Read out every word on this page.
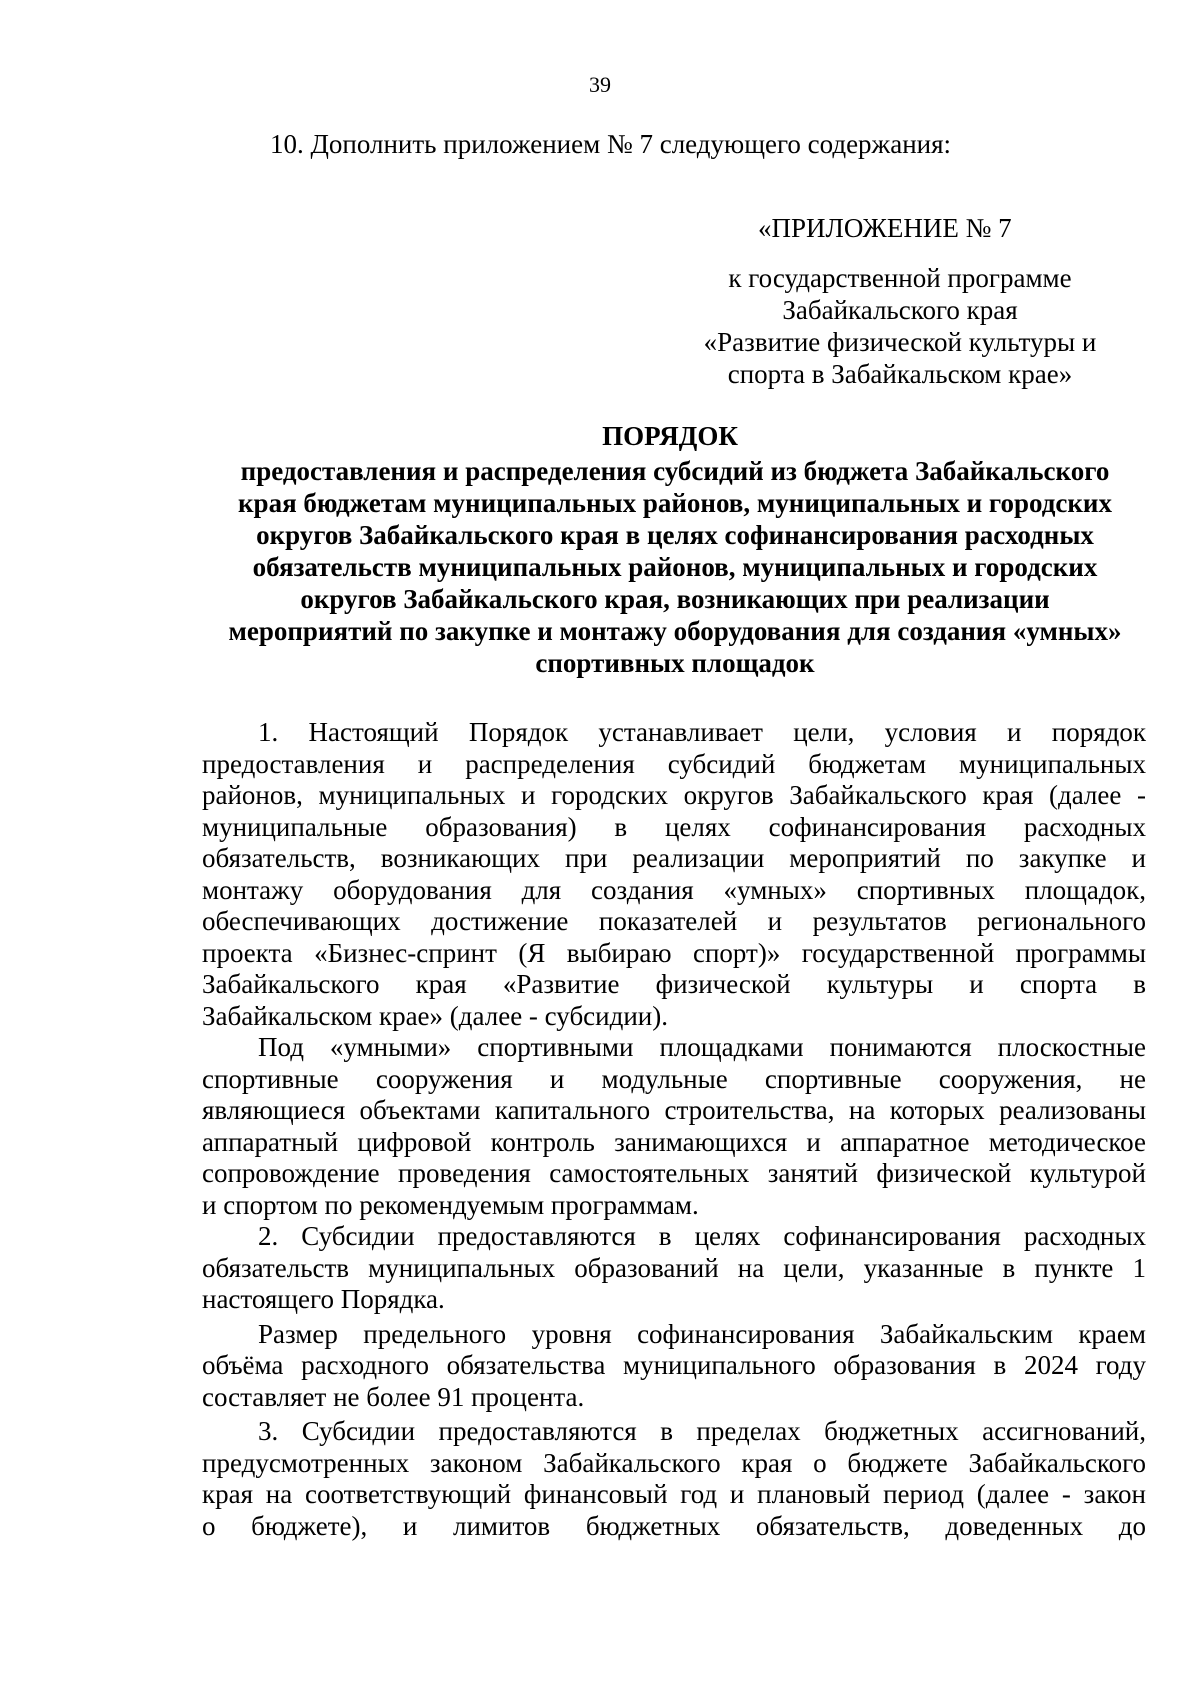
39
10. Дополнить приложением № 7 следующего содержания:
«ПРИЛОЖЕНИЕ № 7
к государственной программе
Забайкальского края
«Развитие физической культуры и
спорта в Забайкальском крае»
ПОРЯДОК
предоставления и распределения субсидий из бюджета Забайкальского
края бюджетам муниципальных районов, муниципальных и городских
округов Забайкальского края в целях софинансирования расходных
обязательств муниципальных районов, муниципальных и городских
округов Забайкальского края, возникающих при реализации
мероприятий по закупке и монтажу оборудования для создания «умных»
спортивных площадок
1. Настоящий Порядок устанавливает цели, условия и порядок
предоставления и распределения субсидий бюджетам муниципальных
районов, муниципальных и городских округов Забайкальского края (далее -
муниципальные образования) в целях софинансирования расходных
обязательств, возникающих при реализации мероприятий по закупке и
монтажу оборудования для создания «умных» спортивных площадок,
обеспечивающих достижение показателей и результатов регионального
проекта «Бизнес-спринт (Я выбираю спорт)» государственной программы
Забайкальского края «Развитие физической культуры и спорта в
Забайкальском крае» (далее - субсидии).
Под «умными» спортивными площадками понимаются плоскостные
спортивные сооружения и модульные спортивные сооружения, не
являющиеся объектами капитального строительства, на которых реализованы
аппаратный цифровой контроль занимающихся и аппаратное методическое
сопровождение проведения самостоятельных занятий физической культурой
и спортом по рекомендуемым программам.
2. Субсидии предоставляются в целях софинансирования расходных
обязательств муниципальных образований на цели, указанные в пункте 1
настоящего Порядка.
Размер предельного уровня софинансирования Забайкальским краем
объёма расходного обязательства муниципального образования в 2024 году
составляет не более 91 процента.
3. Субсидии предоставляются в пределах бюджетных ассигнований,
предусмотренных законом Забайкальского края о бюджете Забайкальского
края на соответствующий финансовый год и плановый период (далее - закон
о бюджете), и лимитов бюджетных обязательств, доведенных до
